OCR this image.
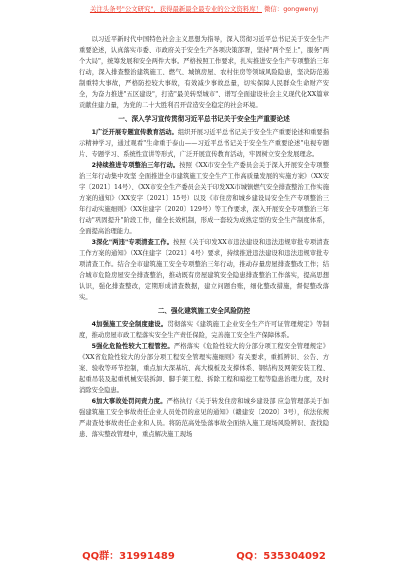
关注头条号"公文研究"，获得最新最全最专业的公文资料库！ 微信：gongwenyj

以习近平新时代中国特色社会主义思想为指导，深入贯彻习近平总书记关于安全生产重要论述，认真落实市委、市政府关于安全生产各项决策部署，坚持"两个至上"，服务"两个大局"，统筹发展和安全两件大事。严格按照工作要求，扎实推进安全生产专项整治三年行动，深入排查整治建筑施工、燃气、城镇房屋、农村住房等领域风险隐患，坚决防范遏制重特大事故，严格防控较大事故，有效减少事故总量，切实保障人民群众生命财产安全，为奋力推进"五区建设"，打造"最美转型城市"、谱写全面建设社会主义现代化XX篇章贡献住建力量，为党的二十大胜利召开营造安全稳定的社会环境。

一、深入学习宣传贯彻习近平总书记关于安全生产重要论述

1广泛开展专题宣传教育活动。组织开展习近平总书记关于安全生产重要论述和重要指示精神学习，通过观看"生命重于泰山——习近平总书记关于安全生产重要论述"电视专题片、专题学习、系统性宣讲等形式，广泛开展宣传教育活动，牢固树立安全发展理念。

2持续推进专项整治三年行动。按照《XX市安全生产委员会关于深入开展安全专项整治三年行动集中攻坚 全面推进全市建筑施工安全生产工作高质量发展的实施方案》（XX安字〔2021〕14号）、《XX市安全生产委员会关于印发XX市城镇燃气安全排查整治工作实施方案的通知》（XX安字〔2021〕15号）以及《市住房和城乡建设局安全生产专项整治三年行动实施细则》（XX住建字〔2020〕129号）等工作要求，深入开展安全专项整治三年行动"巩固提升"阶段工作，健全长效机制，形成一套较为成熟定型的安全生产制度体系，全面提高治理能力。

3深化"两违"专项清查工作。按照《关于印发XX市违法建设和违法违规审批专项清查工作方案的通知》（XX住建字〔2021〕4号）要求，持续推进违法建设和违法违规审批专项清查工作。结合全市建筑施工安全专项整治三年行动，推动存量房屋排查整改工作；结合城市危险房屋安全排查整治，推动既有房屋建筑安全隐患排查整治工作落实，提高思想认识，强化排查整改，定期形成清查数据，建立问题台账，细化整改措施，督促整改落实。

二、强化建筑施工安全风险防控

4加强施工安全制度建设。贯彻落实《建筑施工企业安全生产许可证管理规定》等制度，推动房屋市政工程落实安全生产责任保险，完善施工安全生产保障体系。

5强化危险性较大工程管控。严格落实《危险性较大的分部分项工程安全管理规定》《XX省危险性较大的分部分项工程安全管理实施细则》有关要求，重抓辨识、公告、方案、验收等环节控制，重点加大深基坑、高大模板及支撑体系、钢结构及网架安装工程、起重吊装及起重机械安装拆卸、脚手架工程、拆除工程和暗挖工程等隐患治理力度，及时消除安全隐患。

6加大事故处罚问责力度。严格执行《关于转发住房和城乡建设部 应急管理部关于加强建筑施工安全事故责任企业人员处罚的意见的通知》（赣建安〔2020〕3号），依法依规严肃查处事故责任企业和人员。将防范高处坠落事故全面纳入施工现场风险辨识、查找隐患、落实整改管理中，重点解决施工现场

QQ群：31991489	QQ：535304092
